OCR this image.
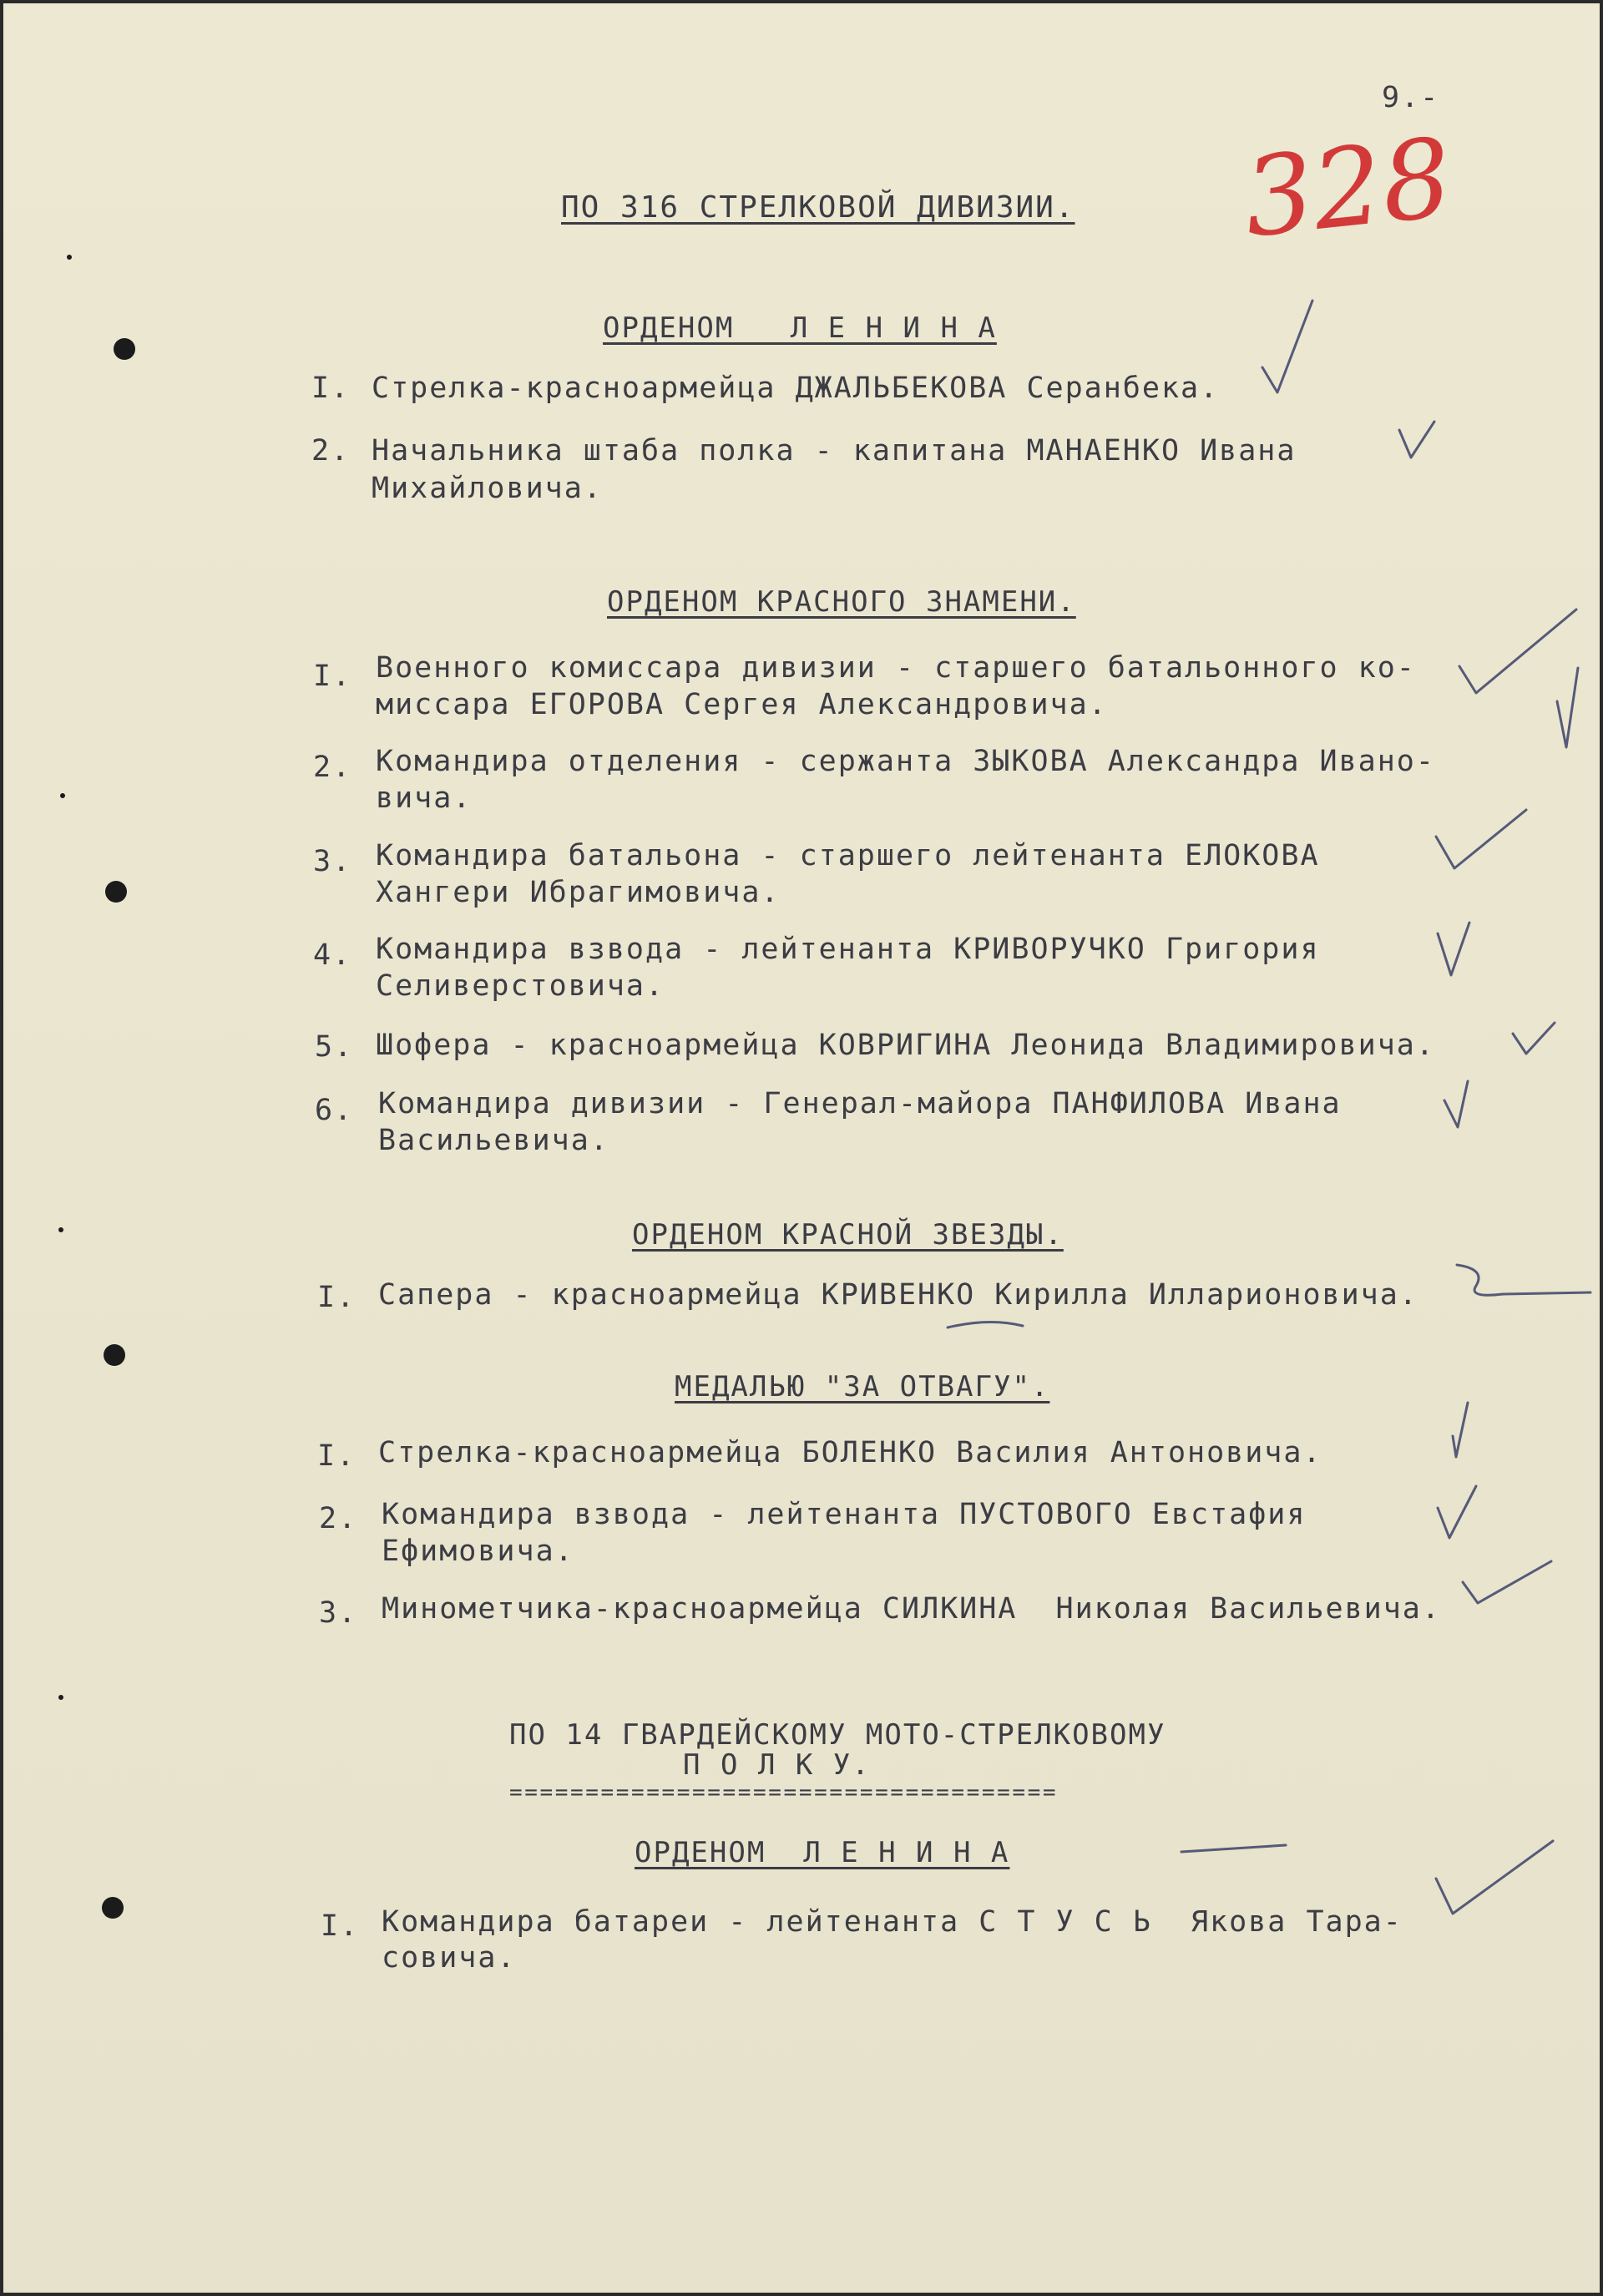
9.-
328
ПО 316 СТРЕЛКОВОЙ ДИВИЗИИ.
ОРДЕНОМ   Л Е Н И Н А
I. Стрелка-красноармейца ДЖАЛЬБЕКОВА Серанбека.
2. Начальника штаба полка - капитана МАНАЕНКО Ивана
Михайловича.
ОРДЕНОМ КРАСНОГО ЗНАМЕНИ.
I. Военного комиссара дивизии - старшего батальонного ко-
миссара ЕГОРОВА Сергея Александровича.
2. Командира отделения - сержанта ЗЫКОВА Александра Ивано-
вича.
3. Командира батальона - старшего лейтенанта ЕЛОКОВА
Хангери Ибрагимовича.
4. Командира взвода - лейтенанта КРИВОРУЧКО Григория
Селиверстовича.
5. Шофера - красноармейца КОВРИГИНА Леонида Владимировича.
6. Командира дивизии - Генерал-майора ПАНФИЛОВА Ивана
Васильевича.
ОРДЕНОМ КРАСНОЙ ЗВЕЗДЫ.
I. Сапера - красноармейца КРИВЕНКО Кирилла Илларионовича.
МЕДАЛЬЮ "ЗА ОТВАГУ".
I. Стрелка-красноармейца БОЛЕНКО Василия Антоновича.
2. Командира взвода - лейтенанта ПУСТОВОГО Евстафия
Ефимовича.
3. Минометчика-красноармейца СИЛКИНА  Николая Васильевича.
ПО 14 ГВАРДЕЙСКОМУ МОТО-СТРЕЛКОВОМУ
П О Л К У.
====================================
ОРДЕНОМ  Л Е Н И Н А
I. Командира батареи - лейтенанта С Т У С Ь  Якова Тара-
совича.
